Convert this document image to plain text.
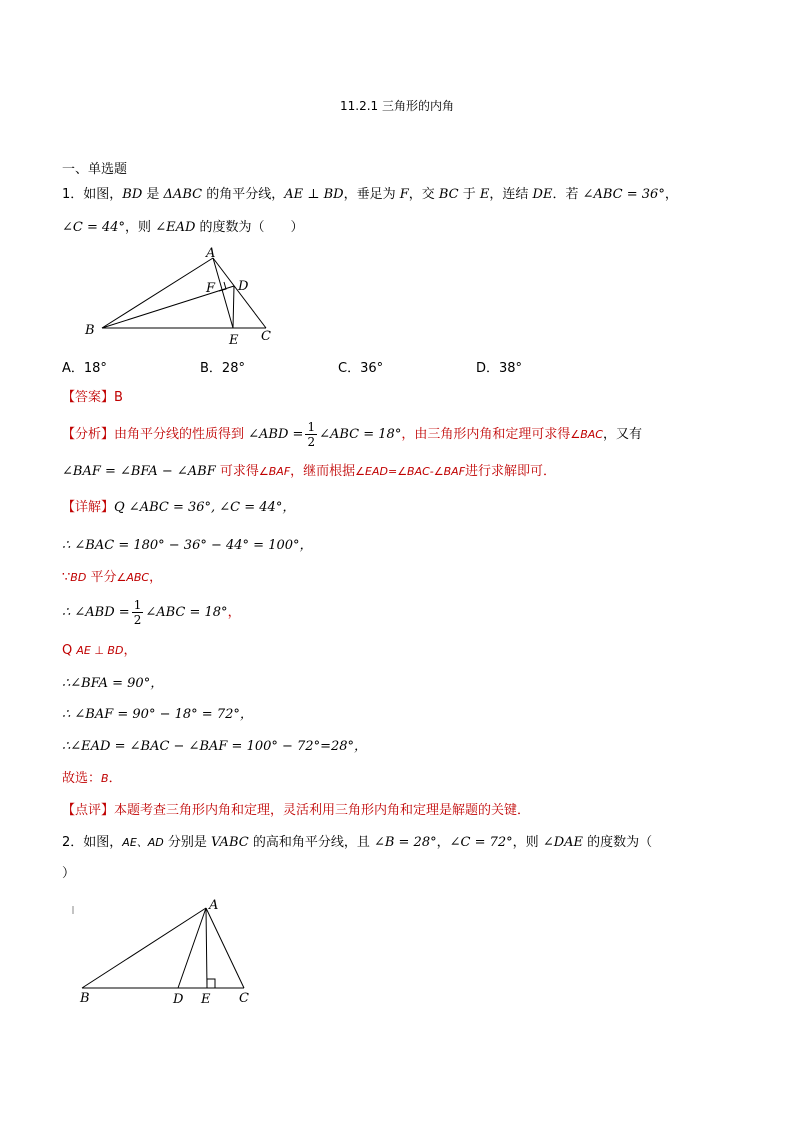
11.2.1 三角形的内角
一、单选题
1．如图，BD 是 ΔABC 的角平分线，AE ⊥ BD，垂足为 F，交 BC 于 E，连结 DE．若 ∠ABC = 36°，
∠C = 44°，则 ∠EAD 的度数为（　　）
A
B	C
D
E
F
A．18°	B．28°	C．36°	D．38°
【答案】B
【分析】由角平分线的性质得到 ∠ABD = $\frac{1}{2}$ ∠ABC = 18°，由三角形内角和定理可求得∠BAC，又有
∠BAF = ∠BFA − ∠ABF 可求得∠BAF，继而根据∠EAD=∠BAC-∠BAF进行求解即可．
【详解】Q ∠ABC = 36°, ∠C = 44°，
∴ ∠BAC = 180° − 36° − 44° = 100°，
∵BD 平分∠ABC，
∴ ∠ABD = $\frac{1}{2}$ ∠ABC = 18°，
Q AE ⊥ BD，
∴∠BFA = 90°，
∴ ∠BAF = 90° − 18° = 72°，
∴∠EAD = ∠BAC − ∠BAF = 100° − 72°=28°，
故选：B．
【点评】本题考查三角形内角和定理，灵活利用三角形内角和定理是解题的关键．
2．如图，AE、AD 分别是 VABC 的高和角平分线，且 ∠B = 28°，∠C = 72°，则 ∠DAE 的度数为（
）
A
B	C
D E
